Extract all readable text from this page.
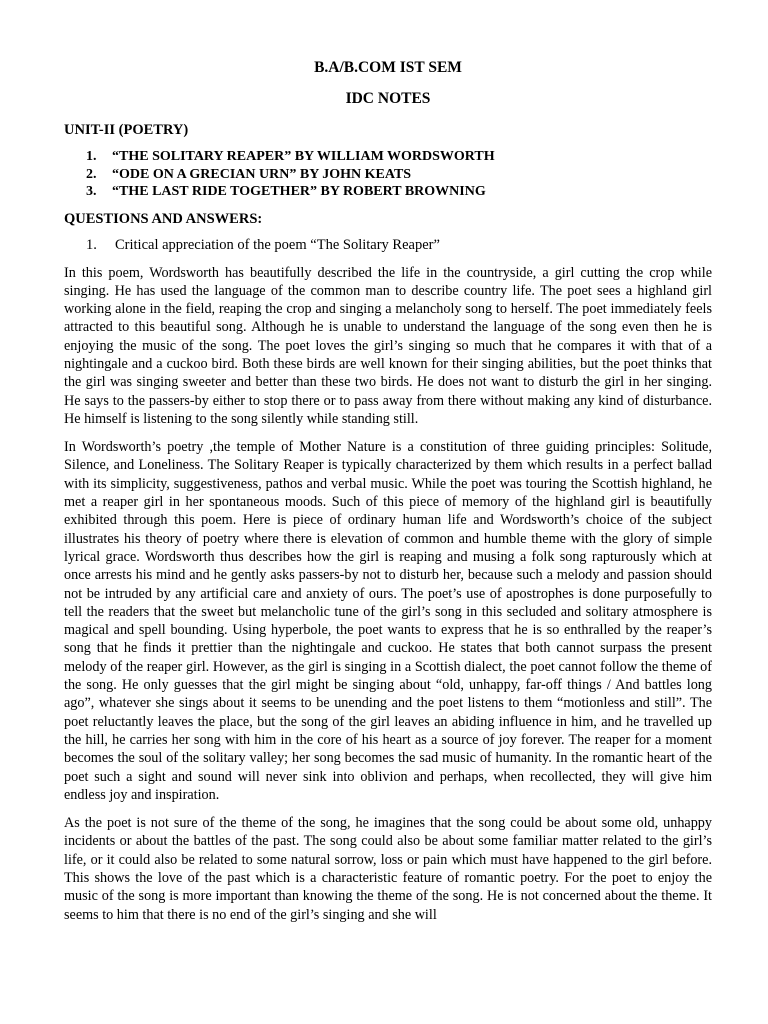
B.A/B.COM IST SEM

IDC NOTES

UNIT-II (POETRY)

1.	“THE SOLITARY REAPER” BY WILLIAM WORDSWORTH
2.	“ODE ON A GRECIAN URN” BY JOHN KEATS
3.	“THE LAST RIDE TOGETHER” BY ROBERT BROWNING

QUESTIONS AND ANSWERS:

1.	Critical appreciation of the poem “The Solitary Reaper”

In this poem, Wordsworth has beautifully described the life in the countryside, a girl cutting the crop while singing. He has used the language of the common man to describe country life. The poet sees a highland girl working alone in the field, reaping the crop and singing a melancholy song to herself. The poet immediately feels attracted to this beautiful song. Although he is unable to understand the language of the song even then he is enjoying the music of the song. The poet loves the girl’s singing so much that he compares it with that of a nightingale and a cuckoo bird. Both these birds are well known for their singing abilities, but the poet thinks that the girl was singing sweeter and better than these two birds. He does not want to disturb the girl in her singing. He says to the passers-by either to stop there or to pass away from there without making any kind of disturbance. He himself is listening to the song silently while standing still.

In Wordsworth’s poetry ,the temple of Mother Nature is a constitution of three guiding principles: Solitude, Silence, and Loneliness. The Solitary Reaper is typically characterized by them which results in a perfect ballad with its simplicity, suggestiveness, pathos and verbal music. While the poet was touring the Scottish highland, he met a reaper girl in her spontaneous moods. Such of this piece of memory of the highland girl is beautifully exhibited through this poem. Here is piece of ordinary human life and Wordsworth’s choice of the subject illustrates his theory of poetry where there is elevation of common and humble theme with the glory of simple lyrical grace. Wordsworth thus describes how the girl is reaping and musing a folk song rapturously which at once arrests his mind and he gently asks passers-by not to disturb her, because such a melody and passion should not be intruded by any artificial care and anxiety of ours. The poet’s use of apostrophes is done purposefully to tell the readers that the sweet but melancholic tune of the girl’s song in this secluded and solitary atmosphere is magical and spell bounding. Using hyperbole, the poet wants to express that he is so enthralled by the reaper’s song that he finds it prettier than the nightingale and cuckoo. He states that both cannot surpass the present melody of the reaper girl. However, as the girl is singing in a Scottish dialect, the poet cannot follow the theme of the song. He only guesses that the girl might be singing about “old, unhappy, far-off things / And battles long ago”, whatever she sings about it seems to be unending and the poet listens to them “motionless and still”. The poet reluctantly leaves the place, but the song of the girl leaves an abiding influence in him, and he travelled up the hill, he carries her song with him in the core of his heart as a source of joy forever. The reaper for a moment becomes the soul of the solitary valley; her song becomes the sad music of humanity. In the romantic heart of the poet such a sight and sound will never sink into oblivion and perhaps, when recollected, they will give him endless joy and inspiration.

As the poet is not sure of the theme of the song, he imagines that the song could be about some old, unhappy incidents or about the battles of the past. The song could also be about some familiar matter related to the girl’s life, or it could also be related to some natural sorrow, loss or pain which must have happened to the girl before. This shows the love of the past which is a characteristic feature of romantic poetry. For the poet to enjoy the music of the song is more important than knowing the theme of the song. He is not concerned about the theme. It seems to him that there is no end of the girl’s singing and she will
